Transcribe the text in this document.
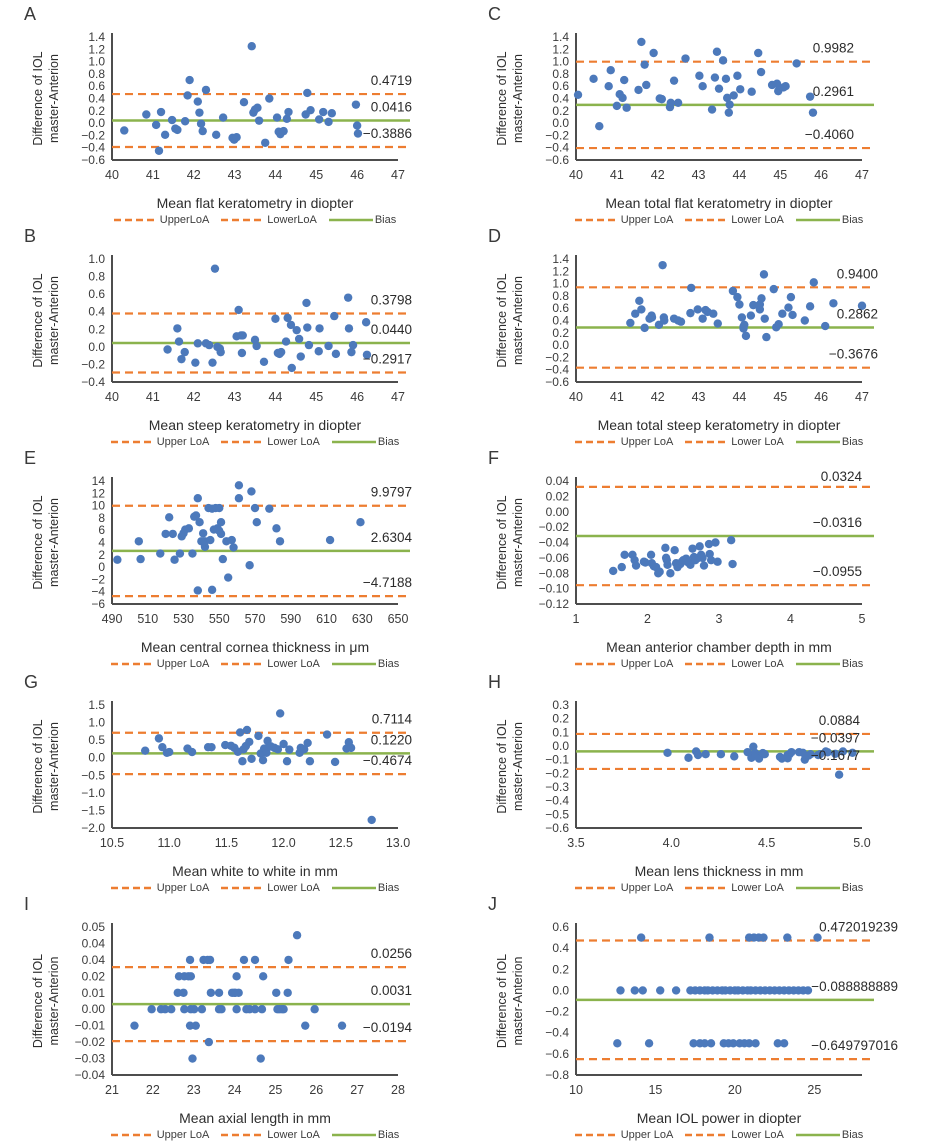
A
Difference of IOL master-Anterion
1.4
1.2
1.0
0.8
0.6
0.4
0.2
0.0
−0.2
−0.4
−0.6
40 41 42 43 44 45 46 47
0.4719
0.0416
−0.3886
Mean flat keratometry in diopter
UpperLoA	LowerLoA	Bias
C
Difference of IOL master-Anterion
1.4
1.2
1.0
0.8
0.6
0.4
0.2
0.0
−0.2
−0.4
−0.6
40 41 42 43 44 45 46 47
0.9982
0.2961
−0.4060
Mean total flat keratometry in diopter
Upper LoA	Lower LoA	Bias
B
Difference of IOL master-Anterion
1.0
0.8
0.6
0.4
0.2
0.0
−0.2
−0.4
40 41 42 43 44 45 46 47
0.3798
0.0440
−0.2917
Mean steep keratometry in diopter
Upper LoA	Lower LoA	Bias
D
Difference of IOL master-Anterion
1.4
1.2
1.0
0.8
0.6
0.4
0.2
0.0
−0.2
−0.4
−0.6
40 41 42 43 44 45 46 47
0.9400
0.2862
−0.3676
Mean total steep keratometry in diopter
Upper LoA	Lower LoA	Bias
E
Difference of IOL master-Anterion
14
12
10
8
6
4
2
0
−2
−4
−6
490 510 530 550 570 590 610 630 650
9.9797
2.6304
−4.7188
Mean central cornea thickness in μm
Upper LoA	Lower LoA	Bias
F
Difference of IOL master-Anterion
0.04
0.02
0.00
−0.02
−0.04
−0.06
−0.08
−0.10
−0.12
1	2	3	4	5
0.0324
−0.0316
−0.0955
Mean anterior chamber depth in mm
Upper LoA	Lower LoA	Bias
G
Difference of IOL master-Anterion
1.5
1.0
0.5
0.0
−0.5
−1.0
−1.5
−2.0
10.5	11.0	11.5	12.0	12.5	13.0
0.7114
0.1220
−0.4674
Mean white to white in mm
Upper LoA	Lower LoA	Bias
H
Difference of IOL master-Anterion
0.3
0.2
0.1
0.0
−0.1
−0.2
−0.3
−0.4
−0.5
−0.6
3.5	4.0	4.5	5.0
0.0884
−0.0397
−0.1677
Mean lens thickness in mm
Upper LoA	Lower LoA	Bias
I
Difference of IOL master-Anterion
0.05
0.04
0.04
0.02
0.01
0.00
−0.01
−0.02
−0.03
−0.04
21 22 23 24 25 26 27 28
0.0256
0.0031
−0.0194
Mean axial length in mm
Upper LoA	Lower LoA	Bias
J
Difference of IOL master-Anterion
0.6
0.4
0.2
0.0
−0.2
−0.4
−0.6
−0.8
10	15	20	25
0.472019239
−0.088888889
−0.649797016
Mean IOL power in diopter
Upper LoA	Lower LoA	Bias
